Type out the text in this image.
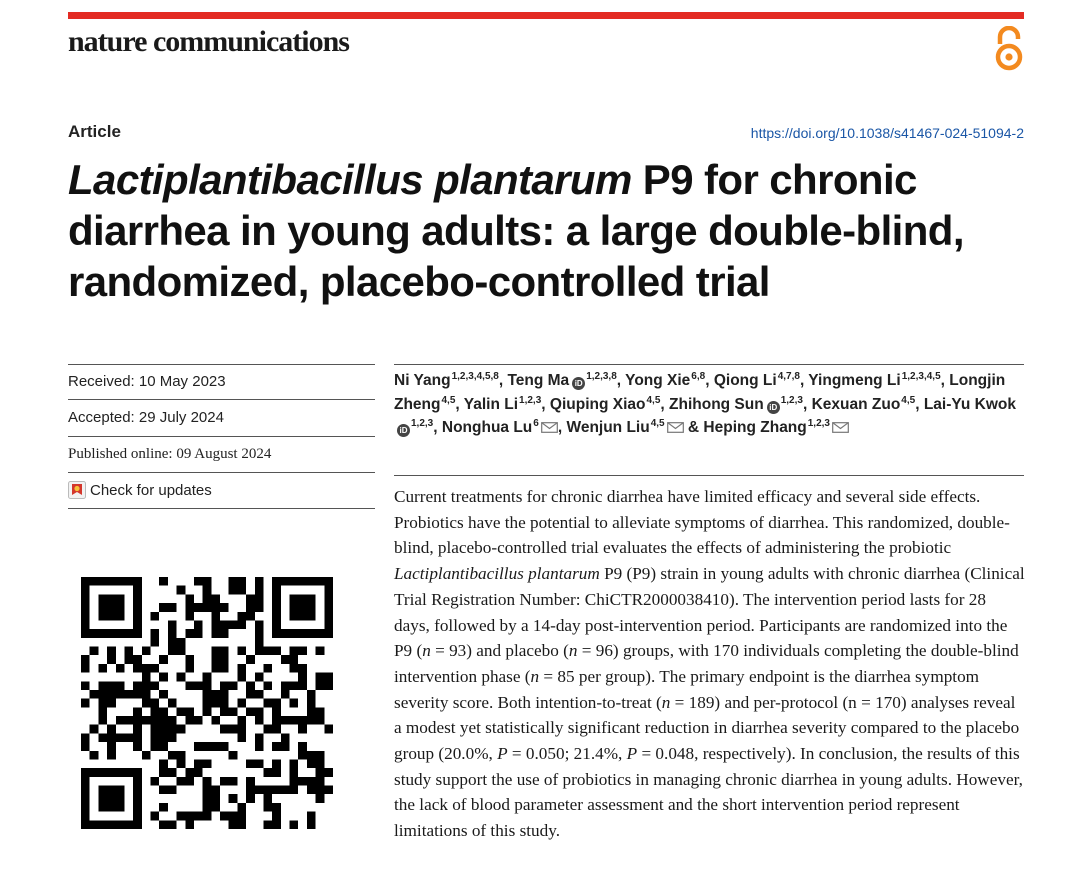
nature communications
Article	https://doi.org/10.1038/s41467-024-51094-2
Lactiplantibacillus plantarum P9 for chronic diarrhea in young adults: a large double-blind, randomized, placebo-controlled trial
Received: 10 May 2023
Accepted: 29 July 2024
Published online: 09 August 2024
Check for updates
Ni Yang$^{1,2,3,4,5,8}$, Teng Ma iD$^{1,2,3,8}$, Yong Xie$^{6,8}$, Qiong Li$^{4,7,8}$, Yingmeng Li$^{1,2,3,4,5}$, Longjin Zheng$^{4,5}$, Yalin Li$^{1,2,3}$, Qiuping Xiao$^{4,5}$, Zhihong Sun iD$^{1,2,3}$, Kexuan Zuo$^{4,5}$, Lai-Yu KwokiD$^{1,2,3}$, Nonghua Lu$^6$ , Wenjun Liu$^{4,5}$ & Heping Zhang$^{1,2,3}$

Current treatments for chronic diarrhea have limited efficacy and several side effects. Probiotics have the potential to alleviate symptoms of diarrhea. This randomized, double-blind, placebo-controlled trial evaluates the effects of administering the probiotic Lactiplantibacillus plantarum P9 (P9) strain in young adults with chronic diarrhea (Clinical Trial Registration Number: ChiCTR2000038410). The intervention period lasts for 28 days, followed by a 14-day post-intervention period. Participants are randomized into the P9 (n = 93) and placebo (n = 96) groups, with 170 individuals completing the double-blind intervention phase (n = 85 per group). The primary endpoint is the diarrhea symptom severity score. Both intention-to-treat (n = 189) and per-protocol (n = 170) analyses reveal a modest yet statistically significant reduction in diarrhea severity compared to the placebo group (20.0%, P = 0.050; 21.4%, P = 0.048, respectively). In conclusion, the results of this study support the use of probiotics in managing chronic diarrhea in young adults. However, the lack of blood parameter assessment and the short intervention period represent limitations of this study.
